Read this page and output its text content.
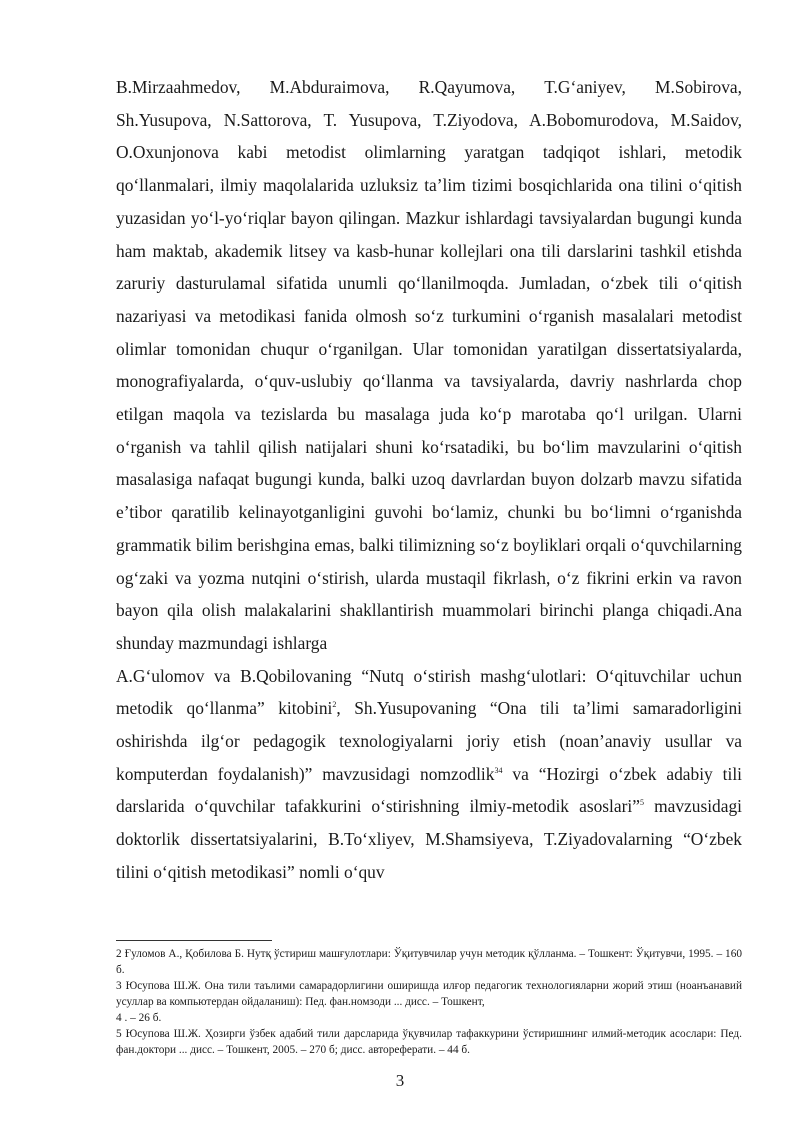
B.Mirzaahmedov, M.Abduraimova, R.Qayumova, T.G‘aniyev, M.Sobirova, Sh.Yusupova, N.Sattorova, T. Yusupova, T.Ziyodova, A.Bobomurodova, M.Saidov, O.Oxunjonova kabi metodist olimlarning yaratgan tadqiqot ishlari, metodik qo‘llanmalari, ilmiy maqolalarida uzluksiz ta’lim tizimi bosqichlarida ona tilini o‘qitish yuzasidan yo‘l-yo‘riqlar bayon qilingan. Mazkur ishlardagi tavsiyalardan bugungi kunda ham maktab, akademik litsey va kasb-hunar kollejlari ona tili darslarini tashkil etishda zaruriy dasturulamal sifatida unumli qo‘llanilmoqda. Jumladan, o‘zbek tili o‘qitish nazariyasi va metodikasi fanida olmosh so‘z turkumini o‘rganish masalalari metodist olimlar tomonidan chuqur o‘rganilgan. Ular tomonidan yaratilgan dissertatsiyalarda, monografiyalarda, o‘quv-uslubiy qo‘llanma va tavsiyalarda, davriy nashrlarda chop etilgan maqola va tezislarda bu masalaga juda ko‘p marotaba qo‘l urilgan. Ularni o‘rganish va tahlil qilish natijalari shuni ko‘rsatadiki, bu bo‘lim mavzularini o‘qitish masalasiga nafaqat bugungi kunda, balki uzoq davrlardan buyon dolzarb mavzu sifatida e’tibor qaratilib kelinayotganligini guvohi bo‘lamiz, chunki bu bo‘limni o‘rganishda grammatik bilim berishgina emas, balki tilimizning so‘z boyliklari orqali o‘quvchilarning og‘zaki va yozma nutqini o‘stirish, ularda mustaqil fikrlash, o‘z fikrini erkin va ravon bayon qila olish malakalarini shakllantirish muammolari birinchi planga chiqadi.Ana shunday mazmundagi ishlarga

A.G‘ulomov va B.Qobilovaning “Nutq o‘stirish mashg‘ulotlari: O‘qituvchilar uchun metodik qo‘llanma” kitobini$^2$, Sh.Yusupovaning “Ona tili ta’limi samaradorligini oshirishda ilg‘or pedagogik texnologiyalarni joriy etish (noan’anaviy usullar va komputerdan foydalanish)” mavzusidagi nomzodlik$^{34}$ va “Hozirgi o‘zbek adabiy tili darslarida o‘quvchilar tafakkurini o‘stirishning ilmiy-metodik asoslari”$^5$ mavzusidagi doktorlik dissertatsiyalarini, B.To‘xliyev, M.Shamsiyeva, T.Ziyadovalarning “O‘zbek tilini o‘qitish metodikasi” nomli o‘quv

2 Ғуломов А., Қобилова Б. Нутқ ўстириш машғулотлари: Ўқитувчилар учун методик қўлланма. – Тошкент: Ўқитувчи, 1995. – 160 б.

3 Юсупова Ш.Ж. Она тили таълими самарадорлигини оширишда илғор педагогик технологияларни жорий этиш (ноанъанавий усуллар ва компьютердан ойдаланиш): Пед. фан.номзоди ... дисс. – Тошкент,

4 . – 26 б.

5 Юсупова Ш.Ж. Ҳозирги ўзбек адабий тили дарсларида ўқувчилар тафаккурини ўстиришнинг илмий-методик асослари: Пед. фан.доктори ... дисс. – Тошкент, 2005. – 270 б; дисс. автореферати. – 44 б.

3
